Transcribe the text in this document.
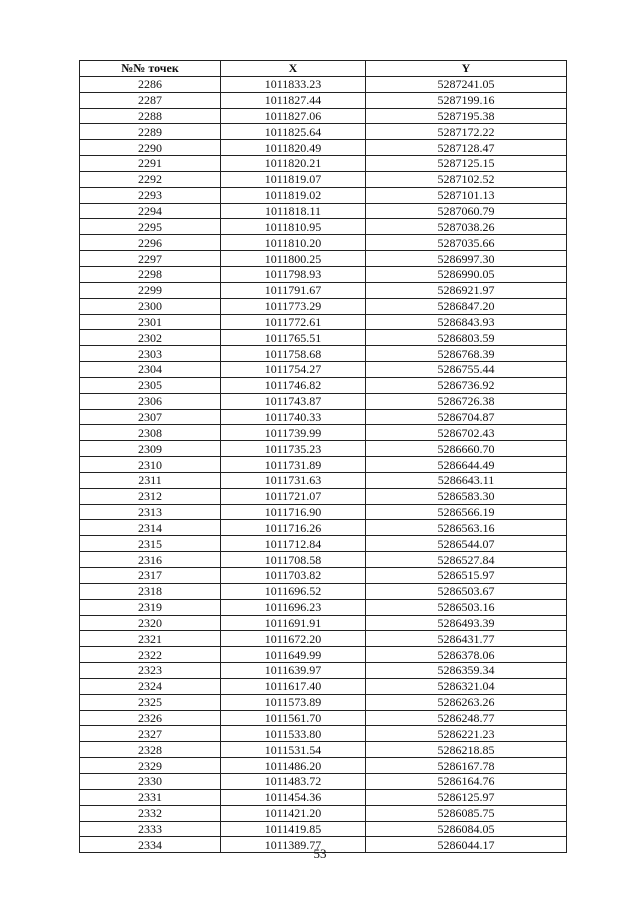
№№ точек	X	Y
2286	1011833.23	5287241.05
2287	1011827.44	5287199.16
2288	1011827.06	5287195.38
2289	1011825.64	5287172.22
2290	1011820.49	5287128.47
2291	1011820.21	5287125.15
2292	1011819.07	5287102.52
2293	1011819.02	5287101.13
2294	1011818.11	5287060.79
2295	1011810.95	5287038.26
2296	1011810.20	5287035.66
2297	1011800.25	5286997.30
2298	1011798.93	5286990.05
2299	1011791.67	5286921.97
2300	1011773.29	5286847.20
2301	1011772.61	5286843.93
2302	1011765.51	5286803.59
2303	1011758.68	5286768.39
2304	1011754.27	5286755.44
2305	1011746.82	5286736.92
2306	1011743.87	5286726.38
2307	1011740.33	5286704.87
2308	1011739.99	5286702.43
2309	1011735.23	5286660.70
2310	1011731.89	5286644.49
2311	1011731.63	5286643.11
2312	1011721.07	5286583.30
2313	1011716.90	5286566.19
2314	1011716.26	5286563.16
2315	1011712.84	5286544.07
2316	1011708.58	5286527.84
2317	1011703.82	5286515.97
2318	1011696.52	5286503.67
2319	1011696.23	5286503.16
2320	1011691.91	5286493.39
2321	1011672.20	5286431.77
2322	1011649.99	5286378.06
2323	1011639.97	5286359.34
2324	1011617.40	5286321.04
2325	1011573.89	5286263.26
2326	1011561.70	5286248.77
2327	1011533.80	5286221.23
2328	1011531.54	5286218.85
2329	1011486.20	5286167.78
2330	1011483.72	5286164.76
2331	1011454.36	5286125.97
2332	1011421.20	5286085.75
2333	1011419.85	5286084.05
2334	1011389.77	5286044.17
53
